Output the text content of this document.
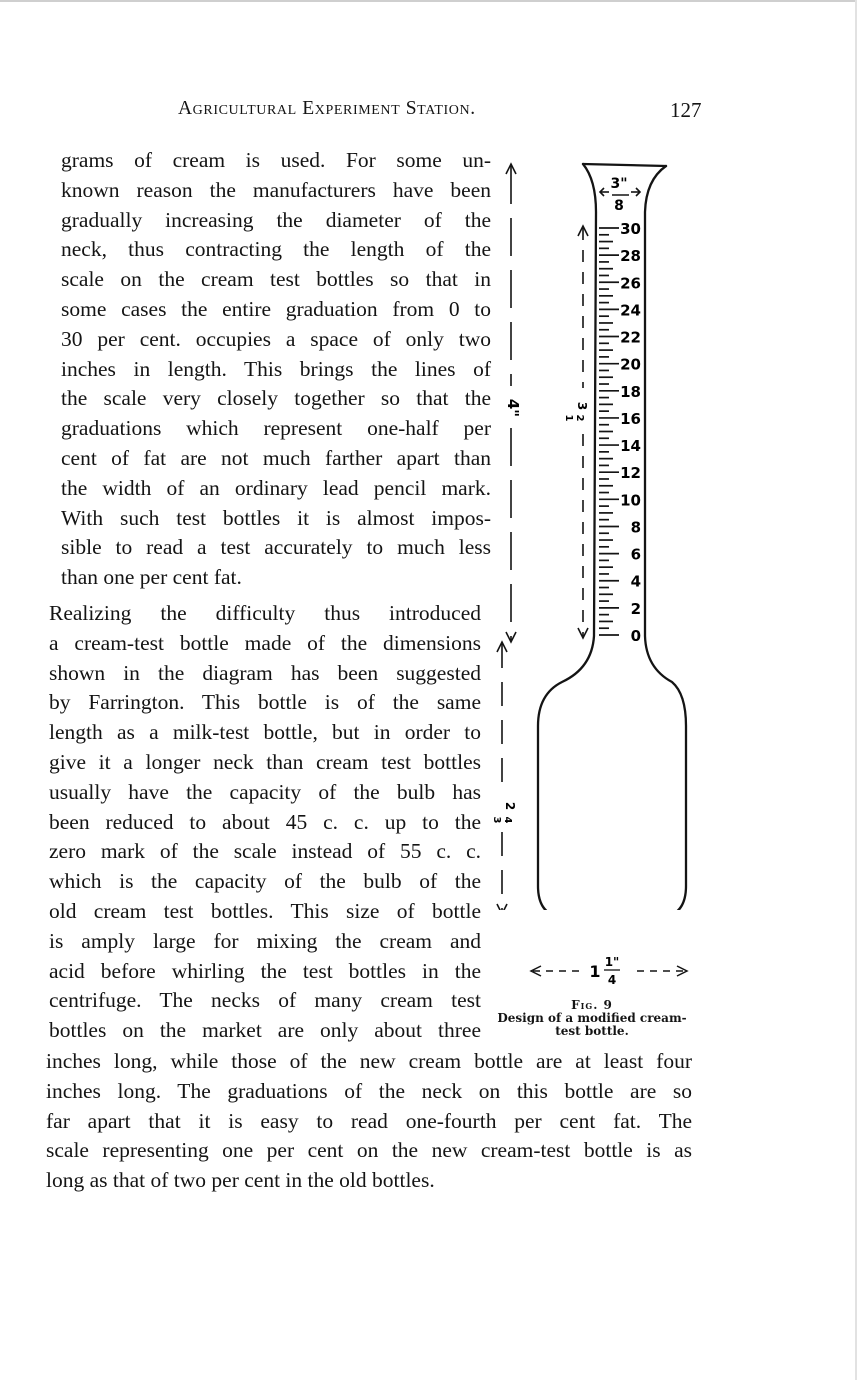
Agricultural Experiment Station.	127
grams of cream is used. For some un-
known reason the manufacturers have been
gradually increasing the diameter of the
neck, thus contracting the length of the
scale on the cream test bottles so that in
some cases the entire graduation from 0 to
30 per cent. occupies a space of only two
inches in length. This brings the lines of
the scale very closely together so that the
graduations which represent one-half per
cent of fat are not much farther apart than
the width of an ordinary lead pencil mark.
With such test bottles it is almost impos-
sible to read a test accurately to much less
than one per cent fat.
Realizing the difficulty thus introduced
a cream-test bottle made of the dimensions
shown in the diagram has been suggested
by Farrington. This bottle is of the same
length as a milk-test bottle, but in order to
give it a longer neck than cream test bottles
usually have the capacity of the bulb has
been reduced to about 45 c. c. up to the
zero mark of the scale instead of 55 c. c.
which is the capacity of the bulb of the
old cream test bottles. This size of bottle
is amply large for mixing the cream and
acid before whirling the test bottles in the
centrifuge. The necks of many cream test
bottles on the market are only about three
inches long, while those of the new cream bottle are at least four
inches long. The graduations of the neck on this bottle are so
far apart that it is easy to read one-fourth per cent fat. The
scale representing one per cent on the new cream-test bottle is as
long as that of two per cent in the old bottles.
30
28
26
24
22
20
18
16
14
12
10
8
6
4
2
0
3"
8
4"	3
1 2
2
3 4
1 1"
4
Fig. 9
Design of a modified cream-
test bottle.
